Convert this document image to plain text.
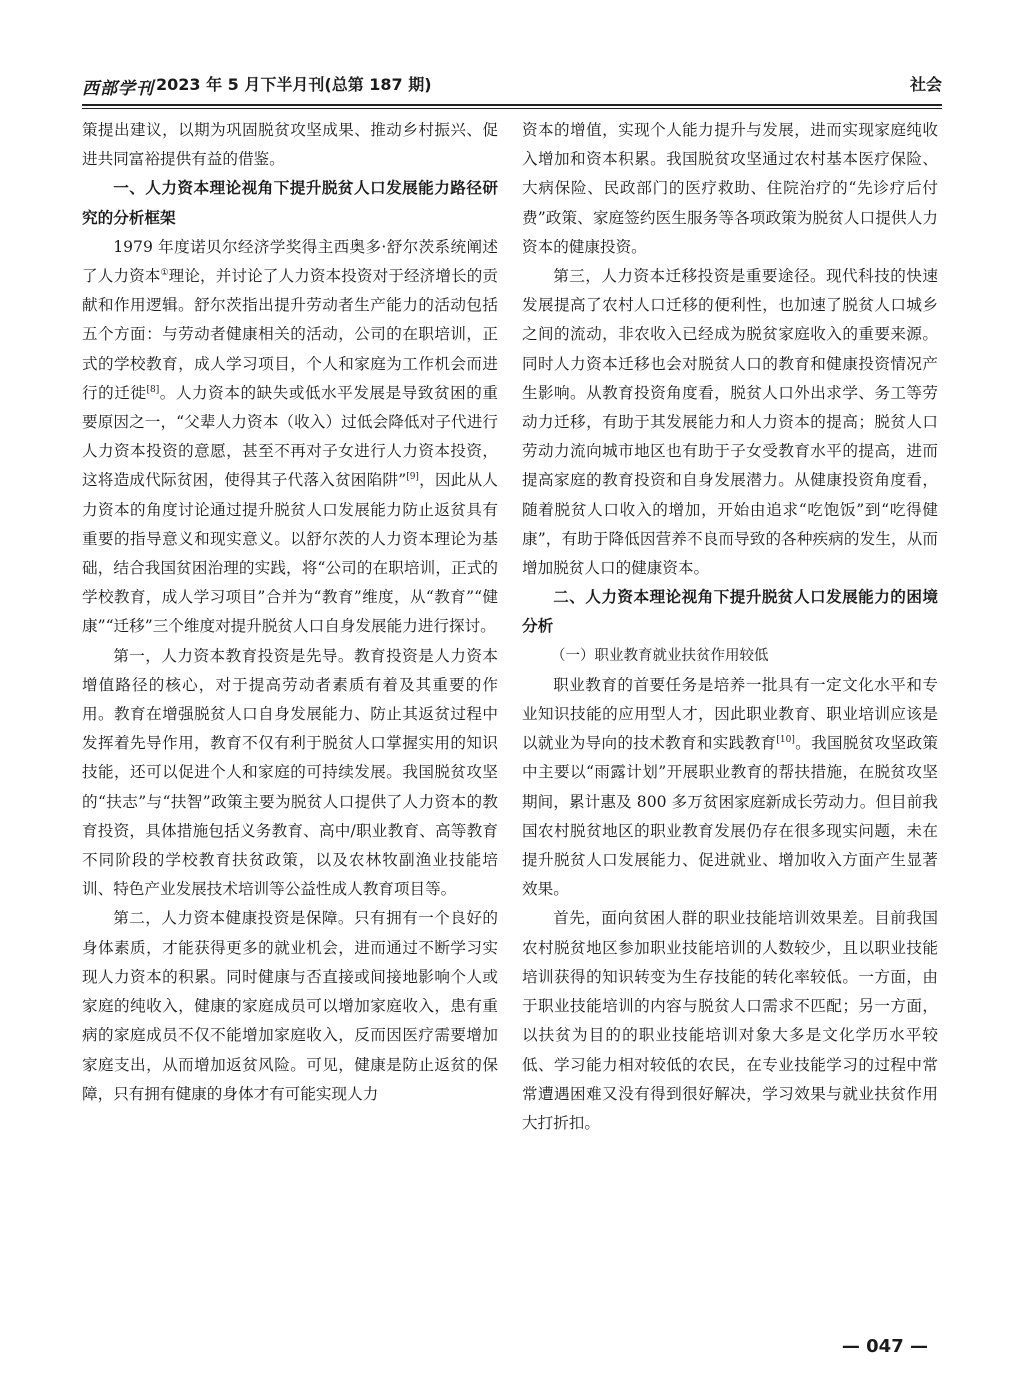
西部学刊 2023 年 5 月下半月刊(总第 187 期)	社会

策提出建议，以期为巩固脱贫攻坚成果、推动乡村振兴、促进共同富裕提供有益的借鉴。

一、人力资本理论视角下提升脱贫人口发展能力路径研究的分析框架

1979 年度诺贝尔经济学奖得主西奥多·舒尔茨系统阐述了人力资本①理论，并讨论了人力资本投资对于经济增长的贡献和作用逻辑。舒尔茨指出提升劳动者生产能力的活动包括五个方面：与劳动者健康相关的活动，公司的在职培训，正式的学校教育，成人学习项目，个人和家庭为工作机会而进行的迁徙[8]。人力资本的缺失或低水平发展是导致贫困的重要原因之一，“父辈人力资本（收入）过低会降低对子代进行人力资本投资的意愿，甚至不再对子女进行人力资本投资，这将造成代际贫困，使得其子代落入贫困陷阱”[9]，因此从人力资本的角度讨论通过提升脱贫人口发展能力防止返贫具有重要的指导意义和现实意义。以舒尔茨的人力资本理论为基础，结合我国贫困治理的实践，将“公司的在职培训，正式的学校教育，成人学习项目”合并为“教育”维度，从“教育”“健康”“迁移”三个维度对提升脱贫人口自身发展能力进行探讨。

第一，人力资本教育投资是先导。教育投资是人力资本增值路径的核心，对于提高劳动者素质有着及其重要的作用。教育在增强脱贫人口自身发展能力、防止其返贫过程中发挥着先导作用，教育不仅有利于脱贫人口掌握实用的知识技能，还可以促进个人和家庭的可持续发展。我国脱贫攻坚的“扶志”与“扶智”政策主要为脱贫人口提供了人力资本的教育投资，具体措施包括义务教育、高中/职业教育、高等教育不同阶段的学校教育扶贫政策，以及农林牧副渔业技能培训、特色产业发展技术培训等公益性成人教育项目等。

第二，人力资本健康投资是保障。只有拥有一个良好的身体素质，才能获得更多的就业机会，进而通过不断学习实现人力资本的积累。同时健康与否直接或间接地影响个人或家庭的纯收入，健康的家庭成员可以增加家庭收入，患有重病的家庭成员不仅不能增加家庭收入，反而因医疗需要增加家庭支出，从而增加返贫风险。可见，健康是防止返贫的保障，只有拥有健康的身体才有可能实现人力

资本的增值，实现个人能力提升与发展，进而实现家庭纯收入增加和资本积累。我国脱贫攻坚通过农村基本医疗保险、大病保险、民政部门的医疗救助、住院治疗的“先诊疗后付费”政策、家庭签约医生服务等各项政策为脱贫人口提供人力资本的健康投资。

第三，人力资本迁移投资是重要途径。现代科技的快速发展提高了农村人口迁移的便利性，也加速了脱贫人口城乡之间的流动，非农收入已经成为脱贫家庭收入的重要来源。同时人力资本迁移也会对脱贫人口的教育和健康投资情况产生影响。从教育投资角度看，脱贫人口外出求学、务工等劳动力迁移，有助于其发展能力和人力资本的提高；脱贫人口劳动力流向城市地区也有助于子女受教育水平的提高，进而提高家庭的教育投资和自身发展潜力。从健康投资角度看，随着脱贫人口收入的增加，开始由追求“吃饱饭”到“吃得健康”，有助于降低因营养不良而导致的各种疾病的发生，从而增加脱贫人口的健康资本。

二、人力资本理论视角下提升脱贫人口发展能力的困境分析

（一）职业教育就业扶贫作用较低

职业教育的首要任务是培养一批具有一定文化水平和专业知识技能的应用型人才，因此职业教育、职业培训应该是以就业为导向的技术教育和实践教育[10]。我国脱贫攻坚政策中主要以“雨露计划”开展职业教育的帮扶措施，在脱贫攻坚期间，累计惠及 800 多万贫困家庭新成长劳动力。但目前我国农村脱贫地区的职业教育发展仍存在很多现实问题，未在提升脱贫人口发展能力、促进就业、增加收入方面产生显著效果。

首先，面向贫困人群的职业技能培训效果差。目前我国农村脱贫地区参加职业技能培训的人数较少，且以职业技能培训获得的知识转变为生存技能的转化率较低。一方面，由于职业技能培训的内容与脱贫人口需求不匹配；另一方面，以扶贫为目的的职业技能培训对象大多是文化学历水平较低、学习能力相对较低的农民，在专业技能学习的过程中常常遭遇困难又没有得到很好解决，学习效果与就业扶贫作用大打折扣。

— 047 —
